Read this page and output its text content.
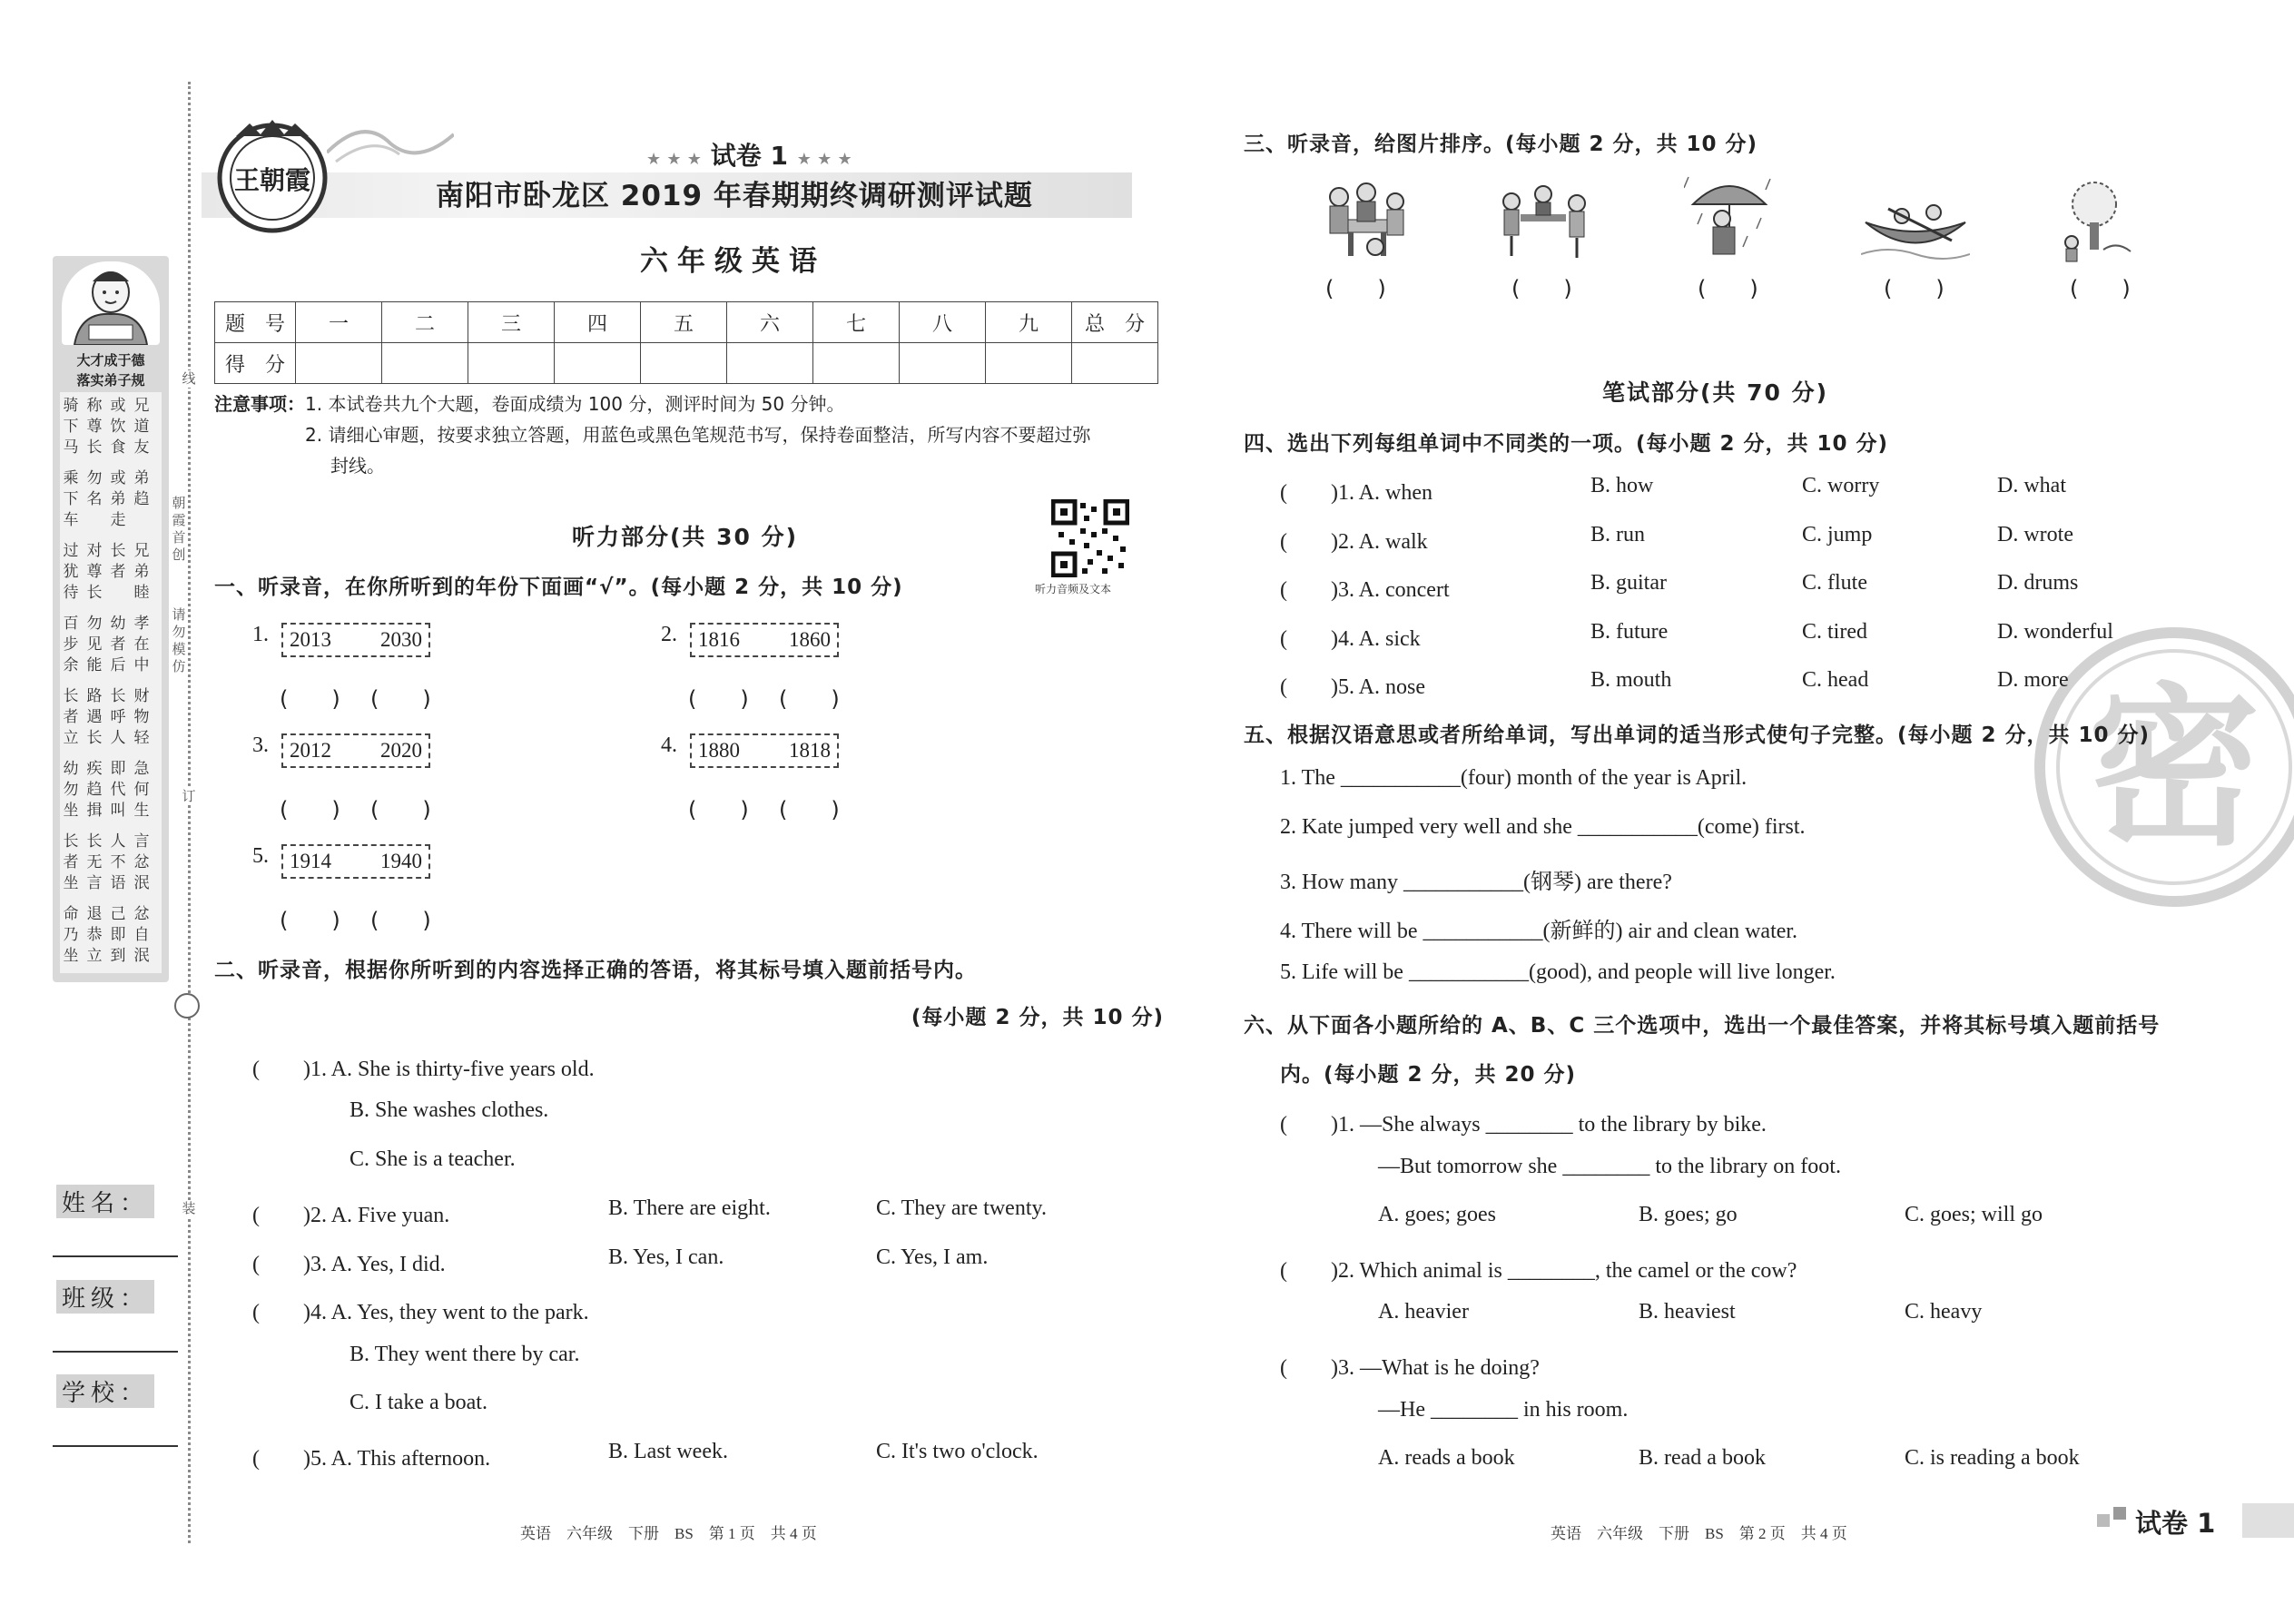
大才成于德
落实弟子规
骑下马
称尊长
或饮食
兄道友
乘下车
勿名
或弟走
弟趋
过犹待
对尊长
长者
兄弟睦
百步余
勿见能
幼者后
孝在中
长者立
路遇长
长呼人
财物轻
幼勿坐
疾趋揖
即代叫
急何生
长者坐
长无言
人不语
言忿泯
命乃坐
退恭立
己即到
忿自泯
线
朝霞首创
请勿模仿
订
装
姓名：
班级：
学校：
王朝霞
★ ★ ★ 试卷 1 ★ ★ ★
南阳市卧龙区 2019 年春期期终调研测评试题
六年级英语
题　号	一	二	三	四	五	六	七	八	九	总　分
得　分										
注意事项：1. 本试卷共九个大题，卷面成绩为 100 分，测评时间为 50 分钟。
2. 请细心审题，按要求独立答题，用蓝色或黑色笔规范书写，保持卷面整洁，所写内容不要超过弥
封线。
听力音频及文本
听力部分(共 30 分)
一、听录音，在你所听到的年份下面画“√”。(每小题 2 分，共 10 分)
1.	2013 2030
(　　) (　　)
2.	1816 1860
(　　) (　　)
3.	2012 2020
(　　) (　　)
4.	1880 1818
(　　) (　　)
5.	1914 1940
(　　) (　　)
二、听录音，根据你所听到的内容选择正确的答语，将其标号填入题前括号内。
(每小题 2 分，共 10 分)
(　　)1. A. She is thirty-five years old.
B. She washes clothes.
C. She is a teacher.
(　　)2. A. Five yuan.	B. There are eight.	C. They are twenty.
(　　)3. A. Yes, I did.	B. Yes, I can.	C. Yes, I am.
(　　)4. A. Yes, they went to the park.
B. They went there by car.
C. I take a boat.
(　　)5. A. This afternoon.	B. Last week.	C. It's two o'clock.
英语　六年级　下册　BS　第 1 页　共 4 页
密
三、听录音，给图片排序。(每小题 2 分，共 10 分)
(　　)	(　　)	(　　)	(　　)	(　　)
笔试部分(共 70 分)
四、选出下列每组单词中不同类的一项。(每小题 2 分，共 10 分)
(　　)1. A. when	B. how	C. worry	D. what
(　　)2. A. walk	B. run	C. jump	D. wrote
(　　)3. A. concert	B. guitar	C. flute	D. drums
(　　)4. A. sick	B. future	C. tired	D. wonderful
(　　)5. A. nose	B. mouth	C. head	D. more
五、根据汉语意思或者所给单词，写出单词的适当形式使句子完整。(每小题 2 分，共 10 分)
1. The ___________(four) month of the year is April.
2. Kate jumped very well and she ___________(come) first.
3. How many ___________(钢琴) are there?
4. There will be ___________(新鲜的) air and clean water.
5. Life will be ___________(good), and people will live longer.
六、从下面各小题所给的 A、B、C 三个选项中，选出一个最佳答案，并将其标号填入题前括号
内。(每小题 2 分，共 20 分)
(　　)1. —She always ________ to the library by bike.
—But tomorrow she ________ to the library on foot.
A. goes; goes	B. goes; go	C. goes; will go
(　　)2. Which animal is ________, the camel or the cow?
A. heavier	B. heaviest	C. heavy
(　　)3. —What is he doing?
—He ________ in his room.
A. reads a book	B. read a book	C. is reading a book
英语　六年级　下册　BS　第 2 页　共 4 页	试卷 1
